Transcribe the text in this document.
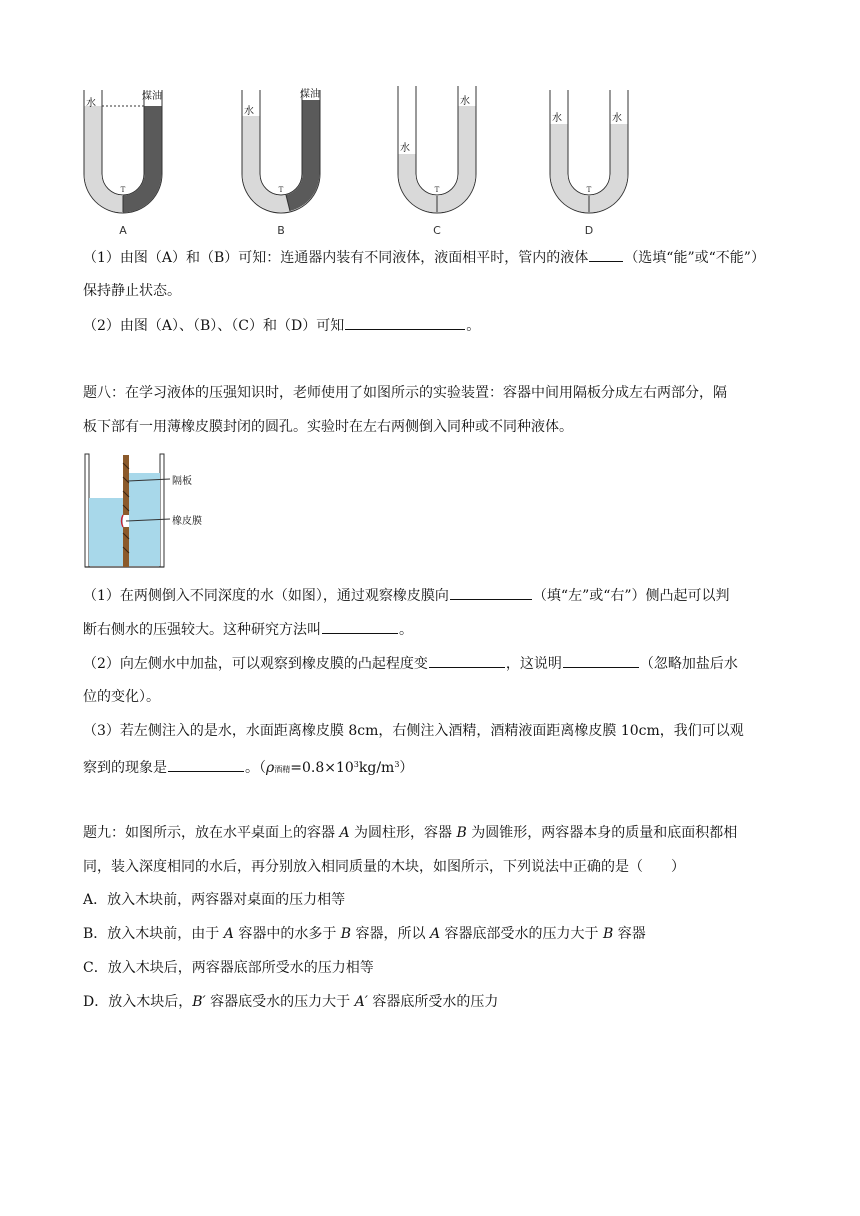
T
水
煤油
A
T
水
煤油
B
T
水
水
C
T
水	水
D

（1）由图（A）和（B）可知：连通器内装有不同液体，液面相平时，管内的液体	（选填“能”或“不能”）

保持静止状态。

（2）由图（A）、（B）、（C）和（D）可知	。

题八：在学习液体的压强知识时，老师使用了如图所示的实验装置：容器中间用隔板分成左右两部分，隔

板下部有一用薄橡皮膜封闭的圆孔。实验时在左右两侧倒入同种或不同种液体。

隔板
橡皮膜

（1）在两侧倒入不同深度的水（如图），通过观察橡皮膜向	（填“左”或“右”）侧凸起可以判

断右侧水的压强较大。这种研究方法叫	。

（2）向左侧水中加盐，可以观察到橡皮膜的凸起程度变	，这说明	（忽略加盐后水

位的变化）。

（3）若左侧注入的是水，水面距离橡皮膜 8cm，右侧注入酒精，酒精液面距离橡皮膜 10cm，我们可以观

察到的现象是	。（ρ酒精$=0.8\times 10^3kg/m^3$）

题九：如图所示，放在水平桌面上的容器 A 为圆柱形，容器 B 为圆锥形，两容器本身的质量和底面积都相

同，装入深度相同的水后，再分别放入相同质量的木块，如图所示，下列说法中正确的是（　　）

A．放入木块前，两容器对桌面的压力相等

B．放入木块前，由于 A 容器中的水多于 B 容器，所以 A 容器底部受水的压力大于 B 容器

C．放入木块后，两容器底部所受水的压力相等

D．放入木块后，B′ 容器底受水的压力大于 A′ 容器底所受水的压力
